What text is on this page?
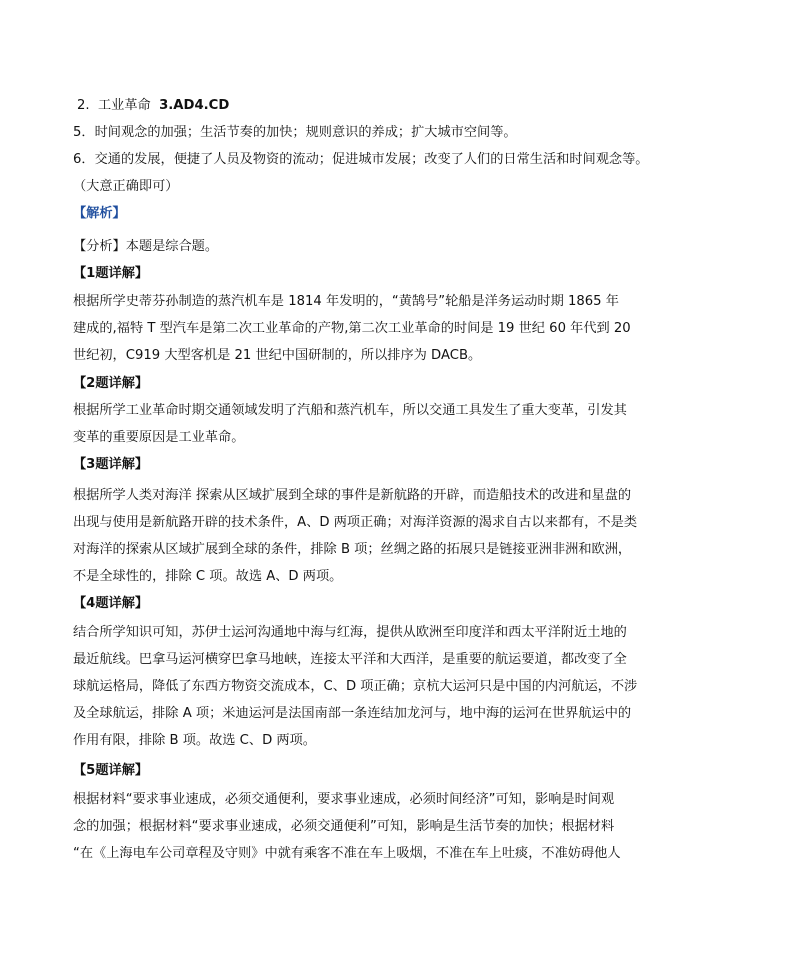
2. 工业革命 3.AD4.CD
5．时间观念的加强；生活节奏的加快；规则意识的养成；扩大城市空间等。
6．交通的发展，便捷了人员及物资的流动；促进城市发展；改变了人们的日常生活和时间观念等。
（大意正确即可）
【解析】
【分析】本题是综合题。
【1题详解】
根据所学史蒂芬孙制造的蒸汽机车是 1814 年发明的，“黄鹄号”轮船是洋务运动时期 1865 年
建成的,福特 T 型汽车是第二次工业革命的产物,第二次工业革命的时间是 19 世纪 60 年代到 20
世纪初，C919 大型客机是 21 世纪中国研制的，所以排序为 DACB。
【2题详解】
根据所学工业革命时期交通领域发明了汽船和蒸汽机车，所以交通工具发生了重大变革，引发其
变革的重要原因是工业革命。
【3题详解】
根据所学人类对海洋 探索从区域扩展到全球的事件是新航路的开辟，而造船技术的改进和星盘的
出现与使用是新航路开辟的技术条件，A、D 两项正确；对海洋资源的渴求自古以来都有，不是类
对海洋的探索从区域扩展到全球的条件，排除 B 项；丝绸之路的拓展只是链接亚洲非洲和欧洲，
不是全球性的，排除 C 项。故选 A、D 两项。
【4题详解】
结合所学知识可知，苏伊士运河沟通地中海与红海，提供从欧洲至印度洋和西太平洋附近土地的
最近航线。巴拿马运河横穿巴拿马地峡，连接太平洋和大西洋，是重要的航运要道，都改变了全
球航运格局，降低了东西方物资交流成本，C、D 项正确；京杭大运河只是中国的内河航运，不涉
及全球航运，排除 A 项；米迪运河是法国南部一条连结加龙河与，地中海的运河在世界航运中的
作用有限，排除 B 项。故选 C、D 两项。
【5题详解】
根据材料“要求事业速成，必须交通便利，要求事业速成，必须时间经济”可知，影响是时间观
念的加强；根据材料“要求事业速成，必须交通便利”可知，影响是生活节奏的加快；根据材料
“在《上海电车公司章程及守则》中就有乘客不准在车上吸烟，不准在车上吐痰，不准妨碍他人
